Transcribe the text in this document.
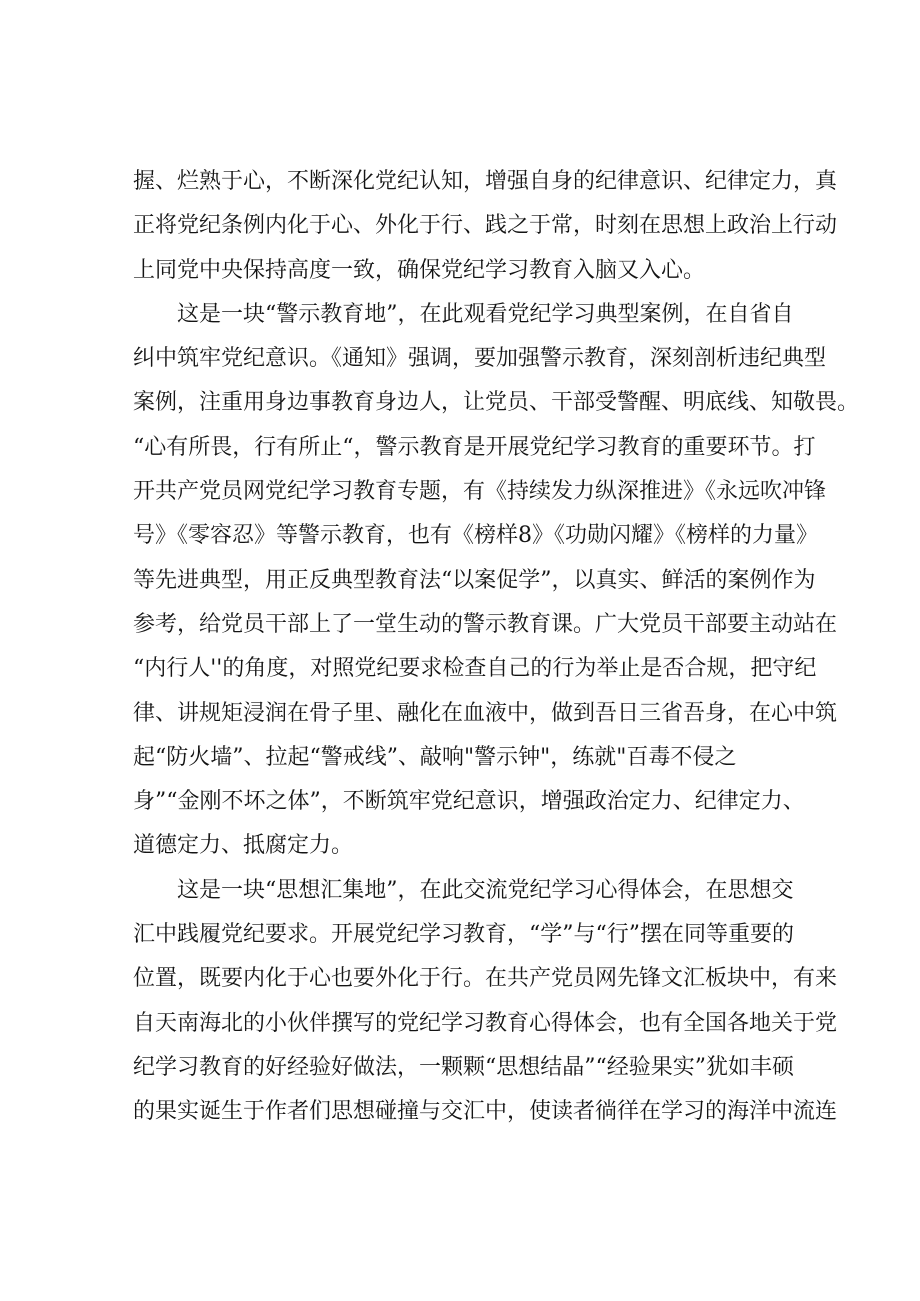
握、烂熟于心，不断深化党纪认知，增强自身的纪律意识、纪律定力，真
正将党纪条例内化于心、外化于行、践之于常，时刻在思想上政治上行动
上同党中央保持高度一致，确保党纪学习教育入脑又入心。
这是一块“警示教育地”，在此观看党纪学习典型案例，在自省自
纠中筑牢党纪意识。《通知》强调，要加强警示教育，深刻剖析违纪典型
案例，注重用身边事教育身边人，让党员、干部受警醒、明底线、知敬畏。
“心有所畏，行有所止“，警示教育是开展党纪学习教育的重要环节。打
开共产党员网党纪学习教育专题，有《持续发力纵深推进》《永远吹冲锋
号》《零容忍》等警示教育，也有《榜样8》《功勋闪耀》《榜样的力量》
等先进典型，用正反典型教育法“以案促学”，以真实、鲜活的案例作为
参考，给党员干部上了一堂生动的警示教育课。广大党员干部要主动站在
“内行人''的角度，对照党纪要求检查自己的行为举止是否合规，把守纪
律、讲规矩浸润在骨子里、融化在血液中，做到吾日三省吾身，在心中筑
起“防火墙”、拉起“警戒线”、敲响"警示钟"，练就"百毒不侵之
身”“金刚不坏之体”，不断筑牢党纪意识，增强政治定力、纪律定力、
道德定力、抵腐定力。
这是一块“思想汇集地”，在此交流党纪学习心得体会，在思想交
汇中践履党纪要求。开展党纪学习教育，“学”与“行”摆在同等重要的
位置，既要内化于心也要外化于行。在共产党员网先锋文汇板块中，有来
自天南海北的小伙伴撰写的党纪学习教育心得体会，也有全国各地关于党
纪学习教育的好经验好做法，一颗颗“思想结晶”“经验果实”犹如丰硕
的果实诞生于作者们思想碰撞与交汇中，使读者徜徉在学习的海洋中流连
